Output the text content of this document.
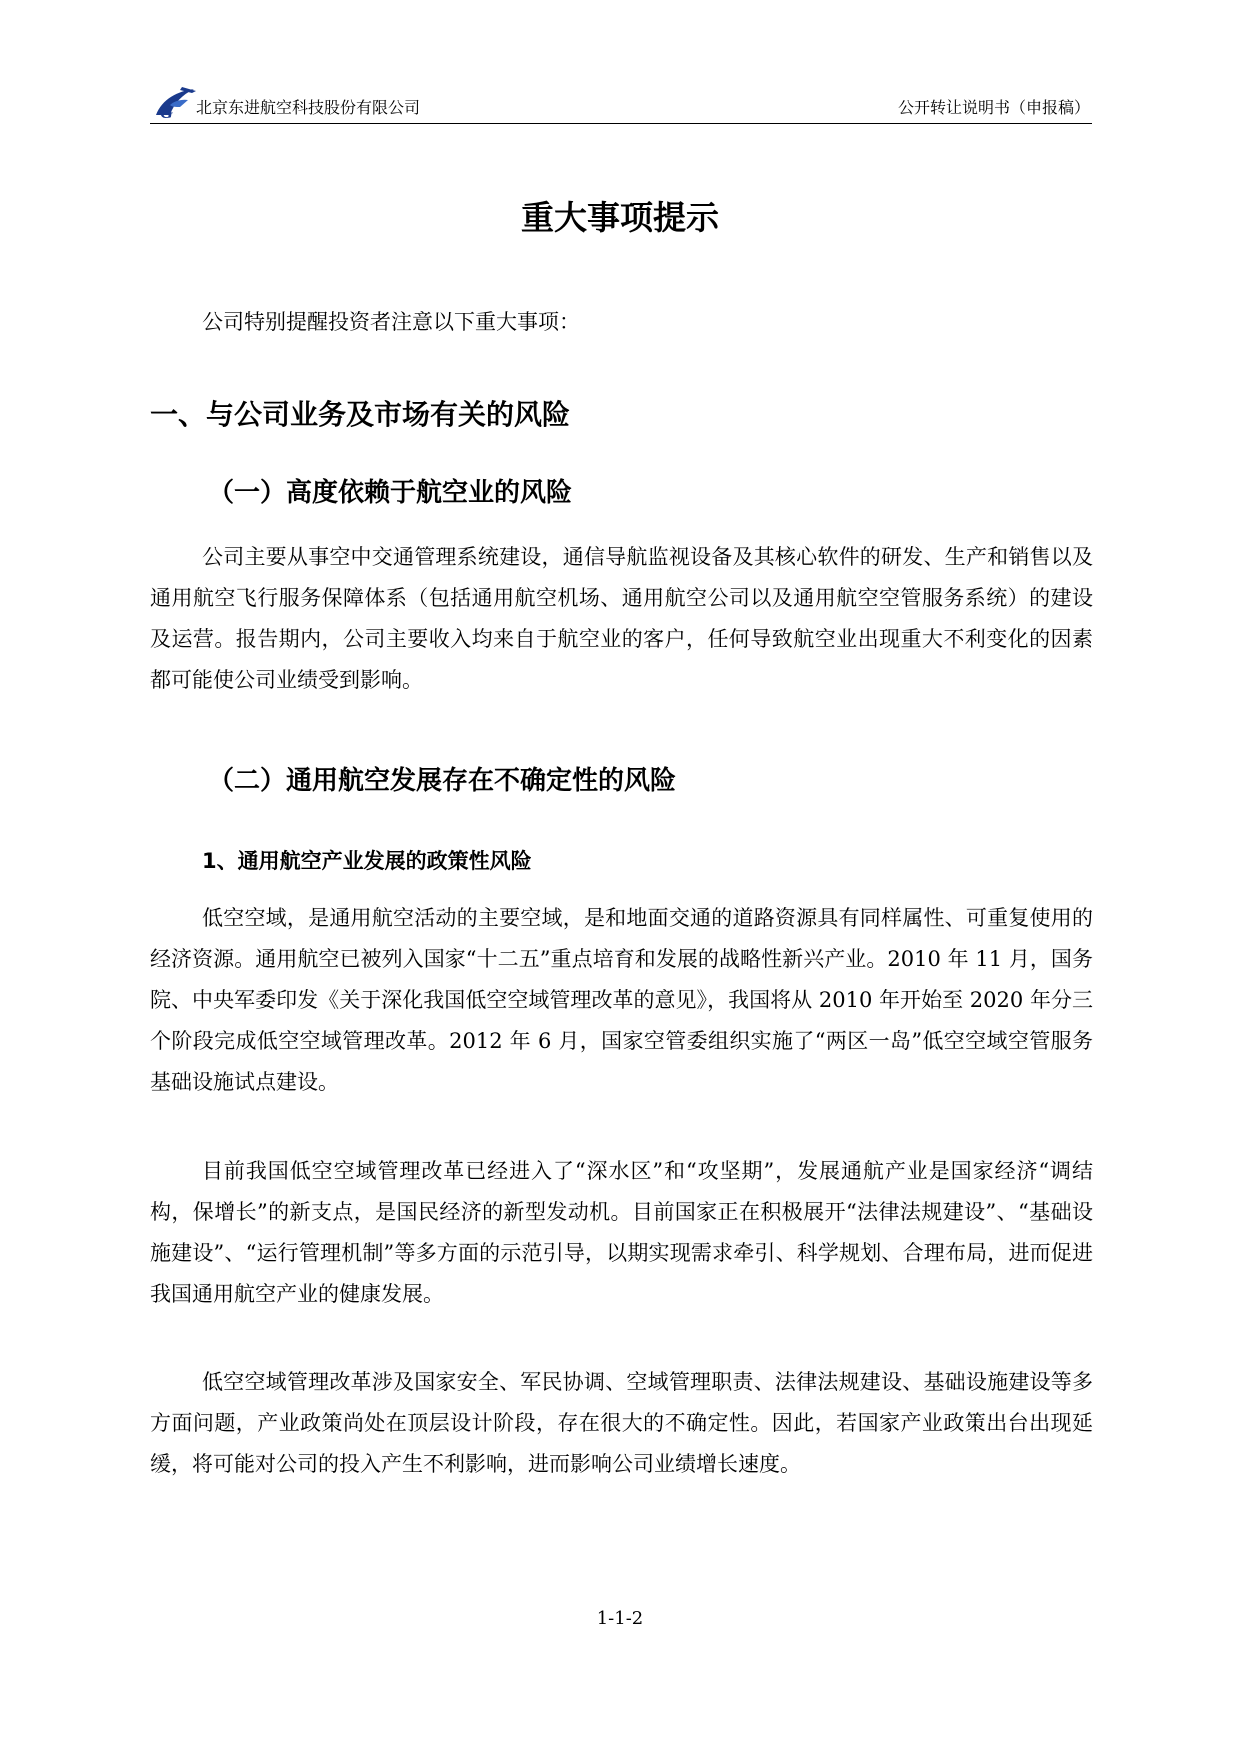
G 北京东进航空科技股份有限公司	公开转让说明书（申报稿）
重大事项提示
公司特别提醒投资者注意以下重大事项：
一、与公司业务及市场有关的风险
（一）高度依赖于航空业的风险

公司主要从事空中交通管理系统建设，通信导航监视设备及其核心软件的研发、生产和销售以及通用航空飞行服务保障体系（包括通用航空机场、通用航空公司以及通用航空空管服务系统）的建设及运营。报告期内，公司主要收入均来自于航空业的客户，任何导致航空业出现重大不利变化的因素都可能使公司业绩受到影响。

（二）通用航空发展存在不确定性的风险
1、通用航空产业发展的政策性风险

低空空域，是通用航空活动的主要空域，是和地面交通的道路资源具有同样属性、可重复使用的经济资源。通用航空已被列入国家“十二五”重点培育和发展的战略性新兴产业。2010 年 11 月，国务院、中央军委印发《关于深化我国低空空域管理改革的意见》，我国将从 2010 年开始至 2020 年分三个阶段完成低空空域管理改革。2012 年 6 月，国家空管委组织实施了“两区一岛”低空空域空管服务基础设施试点建设。

目前我国低空空域管理改革已经进入了“深水区”和“攻坚期”，发展通航产业是国家经济“调结构，保增长”的新支点，是国民经济的新型发动机。目前国家正在积极展开“法律法规建设”、“基础设施建设”、“运行管理机制”等多方面的示范引导，以期实现需求牵引、科学规划、合理布局，进而促进我国通用航空产业的健康发展。

低空空域管理改革涉及国家安全、军民协调、空域管理职责、法律法规建设、基础设施建设等多方面问题，产业政策尚处在顶层设计阶段，存在很大的不确定性。因此，若国家产业政策出台出现延缓，将可能对公司的投入产生不利影响，进而影响公司业绩增长速度。

1-1-2
